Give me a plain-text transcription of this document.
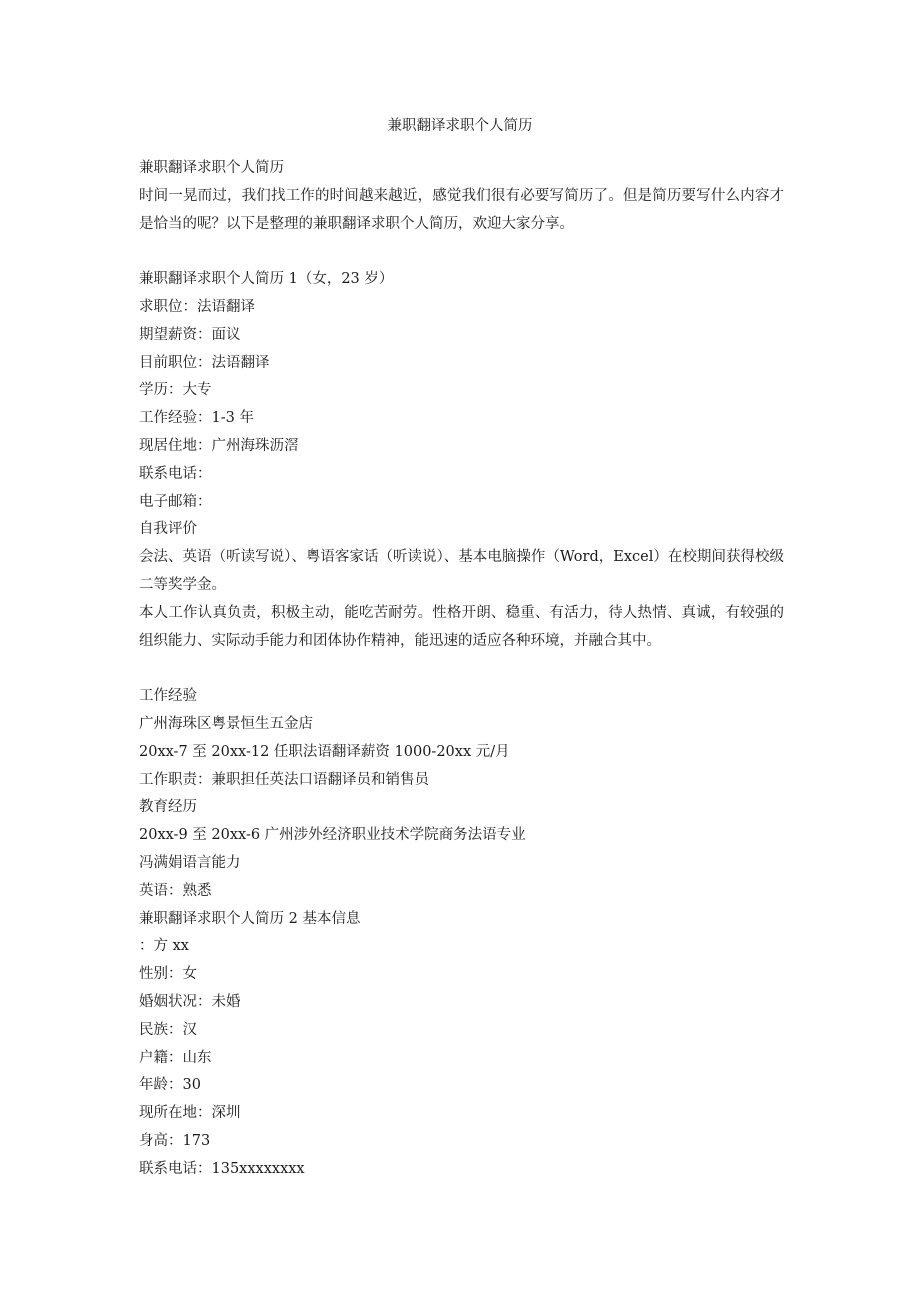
兼职翻译求职个人简历

兼职翻译求职个人简历

时间一晃而过，我们找工作的时间越来越近，感觉我们很有必要写简历了。但是简历要写什么内容才是恰当的呢？以下是整理的兼职翻译求职个人简历，欢迎大家分享。

兼职翻译求职个人简历 1（女，23 岁）

求职位：法语翻译

期望薪资：面议

目前职位：法语翻译

学历：大专

工作经验：1-3 年

现居住地：广州海珠沥滘

联系电话：

电子邮箱：

自我评价

会法、英语（听读写说）、粤语客家话（听读说）、基本电脑操作（Word，Excel）在校期间获得校级二等奖学金。

本人工作认真负责，积极主动，能吃苦耐劳。性格开朗、稳重、有活力，待人热情、真诚，有较强的组织能力、实际动手能力和团体协作精神，能迅速的适应各种环境，并融合其中。

工作经验

广州海珠区粤景恒生五金店

20xx-7 至 20xx-12 任职法语翻译薪资 1000-20xx 元/月

工作职责：兼职担任英法口语翻译员和销售员

教育经历

20xx-9 至 20xx-6 广州涉外经济职业技术学院商务法语专业

冯满娟语言能力

英语：熟悉

兼职翻译求职个人简历 2 基本信息

：方 xx

性别：女

婚姻状况：未婚

民族：汉

户籍：山东

年龄：30

现所在地：深圳

身高：173

联系电话：135xxxxxxxx
